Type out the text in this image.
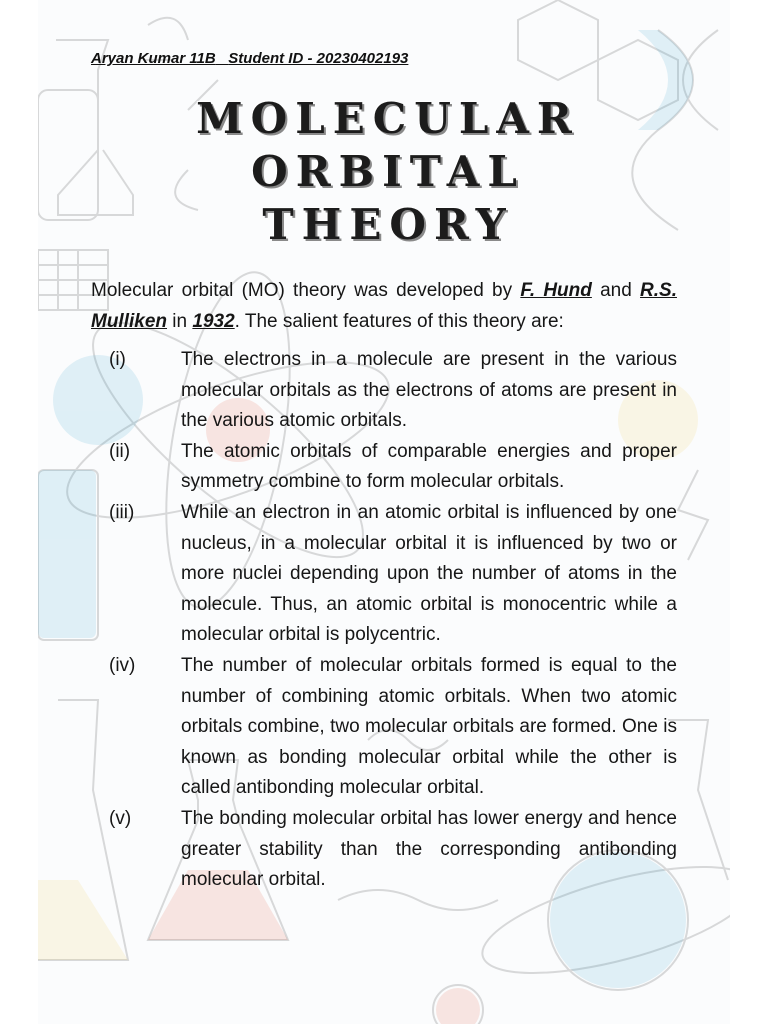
Aryan Kumar 11B Student ID - 20230402193
MOLECULAR
ORBITAL
THEORY
Molecular orbital (MO) theory was developed by F. Hund and R.S. Mulliken in 1932. The salient features of this theory are:
(i)	The electrons in a molecule are present in the various molecular orbitals as the electrons of atoms are present in the various atomic orbitals.
(ii)	The atomic orbitals of comparable energies and proper symmetry combine to form molecular orbitals.
(iii)	While an electron in an atomic orbital is influenced by one nucleus, in a molecular orbital it is influenced by two or more nuclei depending upon the number of atoms in the molecule. Thus, an atomic orbital is monocentric while a molecular orbital is polycentric.
(iv)	The number of molecular orbitals formed is equal to the number of combining atomic orbitals. When two atomic orbitals combine, two molecular orbitals are formed. One is known as bonding molecular orbital while the other is called antibonding molecular orbital.
(v)	The bonding molecular orbital has lower energy and hence greater stability than the corresponding antibonding molecular orbital.
